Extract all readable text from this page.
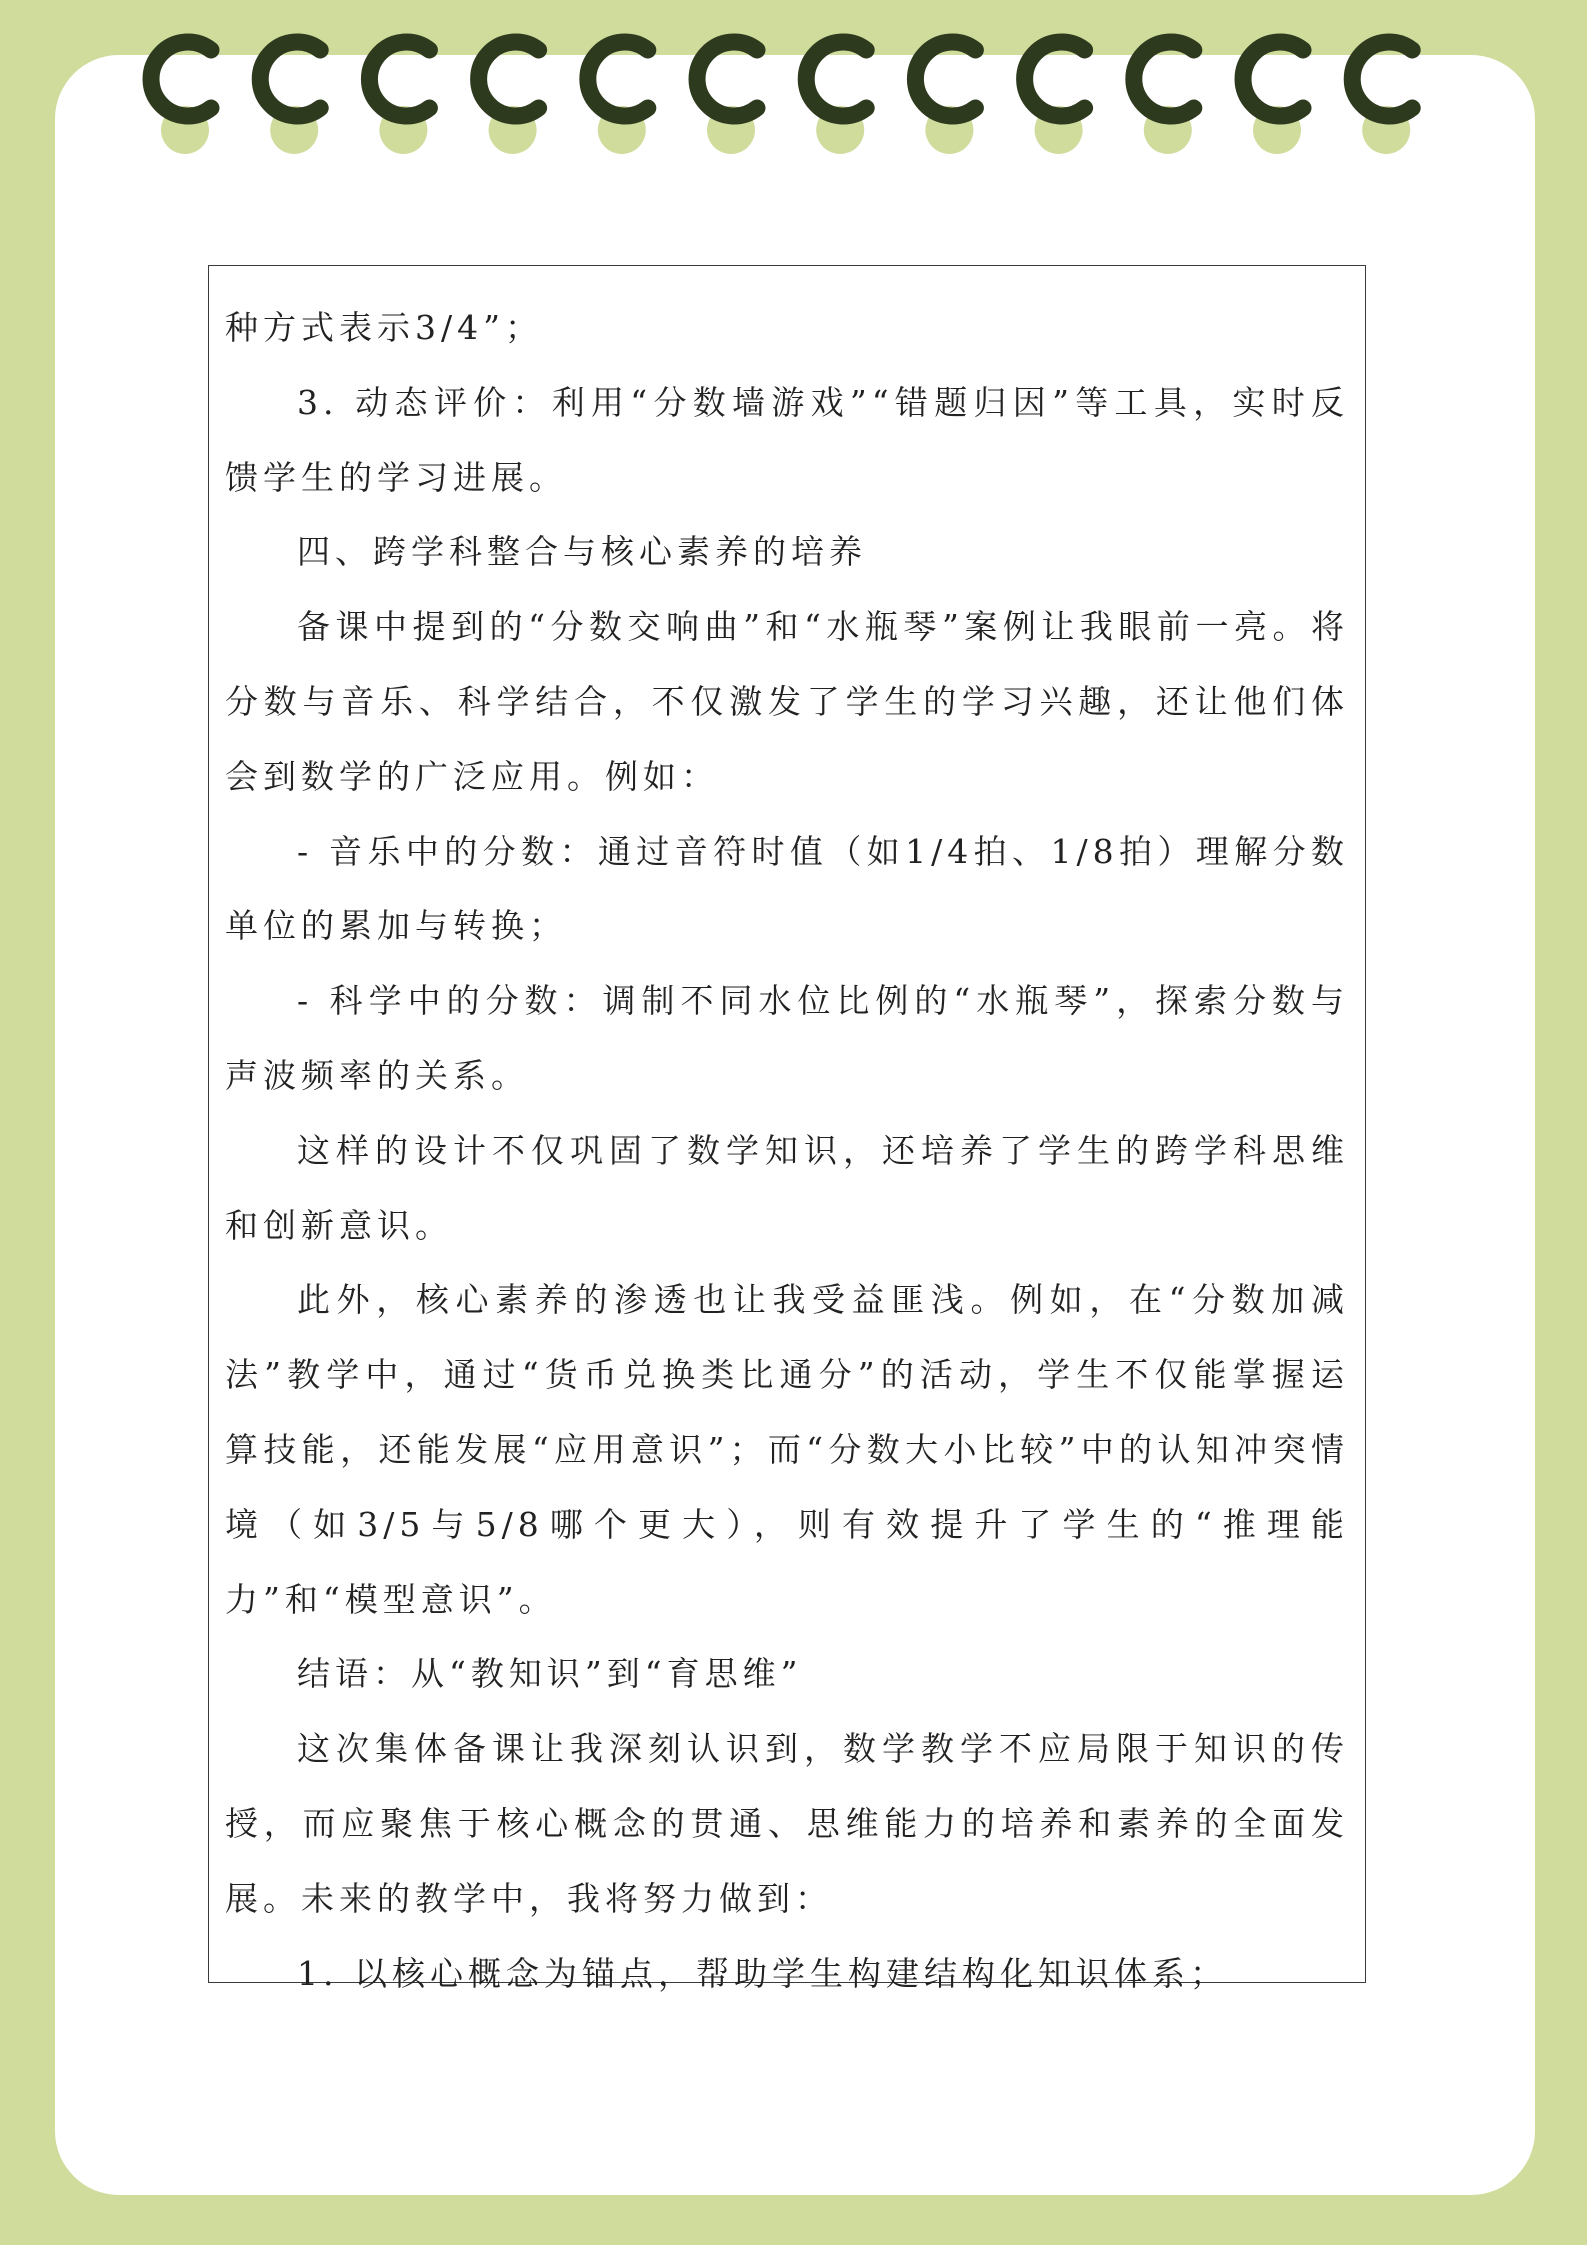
种方式表示3/4”；

3. 动态评价：利用“分数墙游戏”“错题归因”等工具，实时反馈学生的学习进展。

四、跨学科整合与核心素养的培养

备课中提到的“分数交响曲”和“水瓶琴”案例让我眼前一亮。将分数与音乐、科学结合，不仅激发了学生的学习兴趣，还让他们体会到数学的广泛应用。例如：

- 音乐中的分数：通过音符时值（如1/4拍、1/8拍）理解分数单位的累加与转换；

- 科学中的分数：调制不同水位比例的“水瓶琴”，探索分数与声波频率的关系。

这样的设计不仅巩固了数学知识，还培养了学生的跨学科思维和创新意识。

此外，核心素养的渗透也让我受益匪浅。例如，在“分数加减法”教学中，通过“货币兑换类比通分”的活动，学生不仅能掌握运算技能，还能发展“应用意识”；而“分数大小比较”中的认知冲突情境（如3/5与5/8哪个更大），则有效提升了学生的“推理能力”和“模型意识”。

结语：从“教知识”到“育思维”

这次集体备课让我深刻认识到，数学教学不应局限于知识的传授，而应聚焦于核心概念的贯通、思维能力的培养和素养的全面发展。未来的教学中，我将努力做到：

1. 以核心概念为锚点，帮助学生构建结构化知识体系；
